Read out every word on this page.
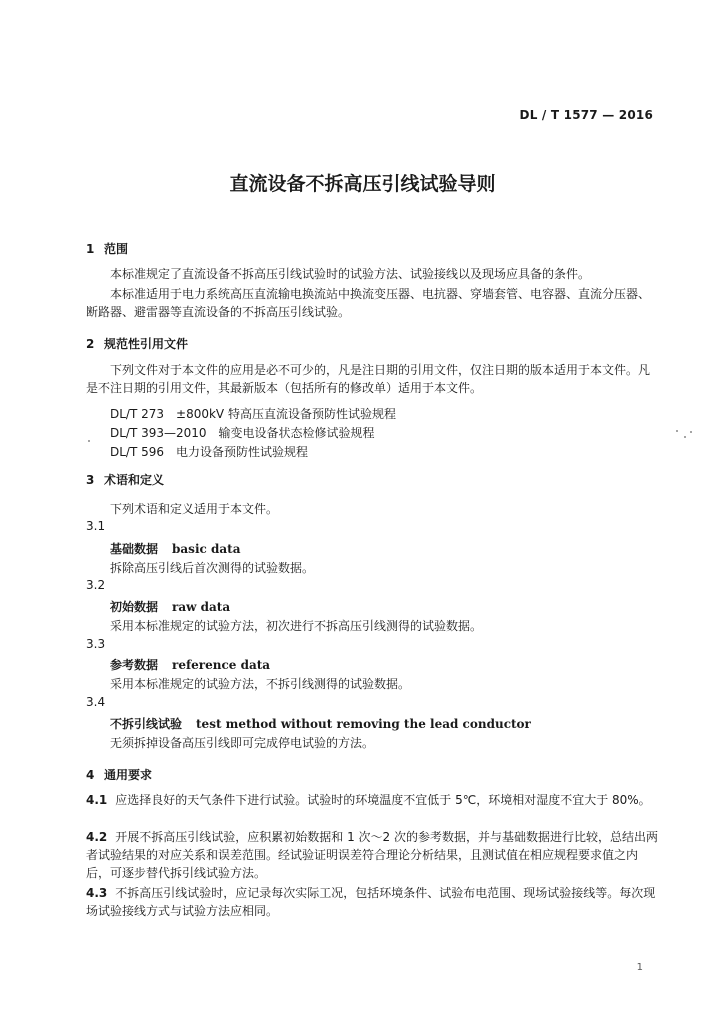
DL / T 1577 — 2016
直流设备不拆高压引线试验导则
1 范围
本标准规定了直流设备不拆高压引线试验时的试验方法、试验接线以及现场应具备的条件。
本标准适用于电力系统高压直流输电换流站中换流变压器、电抗器、穿墙套管、电容器、直流分压器、断路器、避雷器等直流设备的不拆高压引线试验。
2 规范性引用文件
下列文件对于本文件的应用是必不可少的，凡是注日期的引用文件，仅注日期的版本适用于本文件。凡是不注日期的引用文件，其最新版本（包括所有的修改单）适用于本文件。
DL/T 273　±800kV 特高压直流设备预防性试验规程
DL/T 393—2010　输变电设备状态检修试验规程
DL/T 596　电力设备预防性试验规程
3 术语和定义
下列术语和定义适用于本文件。
3.1
基础数据 basic data
拆除高压引线后首次测得的试验数据。
3.2
初始数据 raw data
采用本标准规定的试验方法，初次进行不拆高压引线测得的试验数据。
3.3
参考数据 reference data
采用本标准规定的试验方法，不拆引线测得的试验数据。
3.4
不拆引线试验 test method without removing the lead conductor
无须拆掉设备高压引线即可完成停电试验的方法。
4 通用要求
4.1 应选择良好的天气条件下进行试验。试验时的环境温度不宜低于 5℃，环境相对湿度不宜大于 80%。
4.2 开展不拆高压引线试验，应积累初始数据和 1 次～2 次的参考数据，并与基础数据进行比较，总结出两者试验结果的对应关系和误差范围。经试验证明误差符合理论分析结果，且测试值在相应规程要求值之内后，可逐步替代拆引线试验方法。
4.3 不拆高压引线试验时，应记录每次实际工况，包括环境条件、试验布电范围、现场试验接线等。每次现场试验接线方式与试验方法应相同。
1
